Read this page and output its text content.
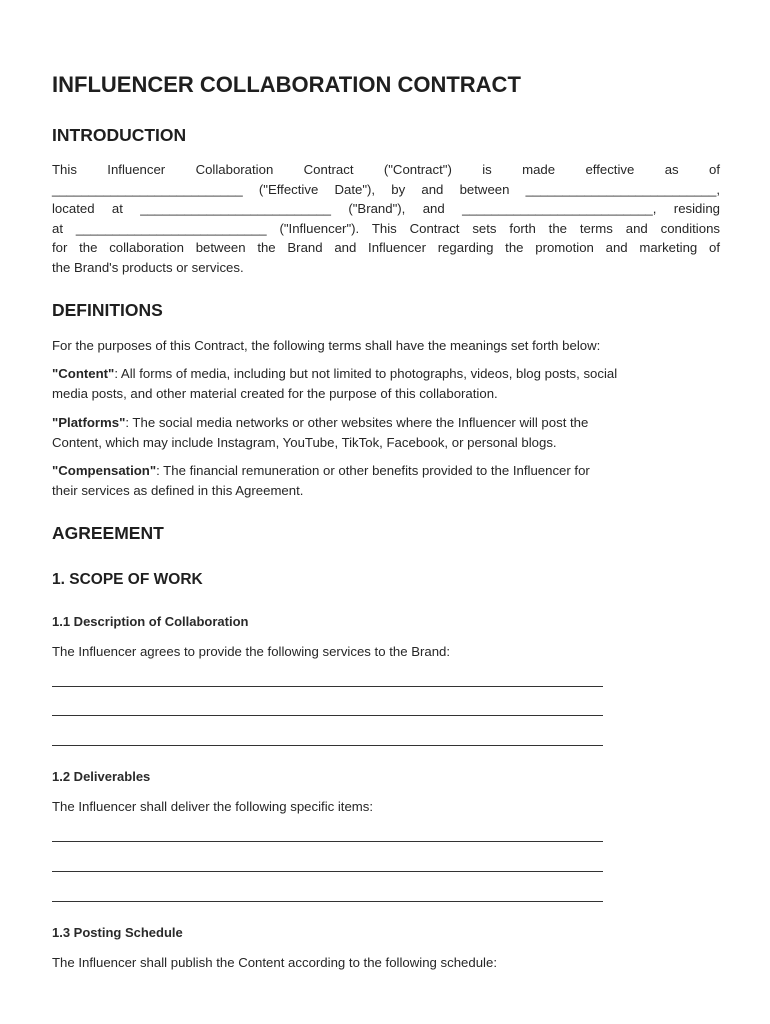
INFLUENCER COLLABORATION CONTRACT
INTRODUCTION
This Influencer Collaboration Contract ("Contract") is made effective as of
__________________________ ("Effective Date"), by and between __________________________,
located at __________________________ ("Brand"), and __________________________, residing
at __________________________ ("Influencer"). This Contract sets forth the terms and conditions
for the collaboration between the Brand and Influencer regarding the promotion and marketing of
the Brand's products or services.
DEFINITIONS
For the purposes of this Contract, the following terms shall have the meanings set forth below:
"Content": All forms of media, including but not limited to photographs, videos, blog posts, social
media posts, and other material created for the purpose of this collaboration.
"Platforms": The social media networks or other websites where the Influencer will post the
Content, which may include Instagram, YouTube, TikTok, Facebook, or personal blogs.
"Compensation": The financial remuneration or other benefits provided to the Influencer for
their services as defined in this Agreement.
AGREEMENT
1. SCOPE OF WORK
1.1 Description of Collaboration
The Influencer agrees to provide the following services to the Brand:
1.2 Deliverables
The Influencer shall deliver the following specific items:
1.3 Posting Schedule
The Influencer shall publish the Content according to the following schedule:
